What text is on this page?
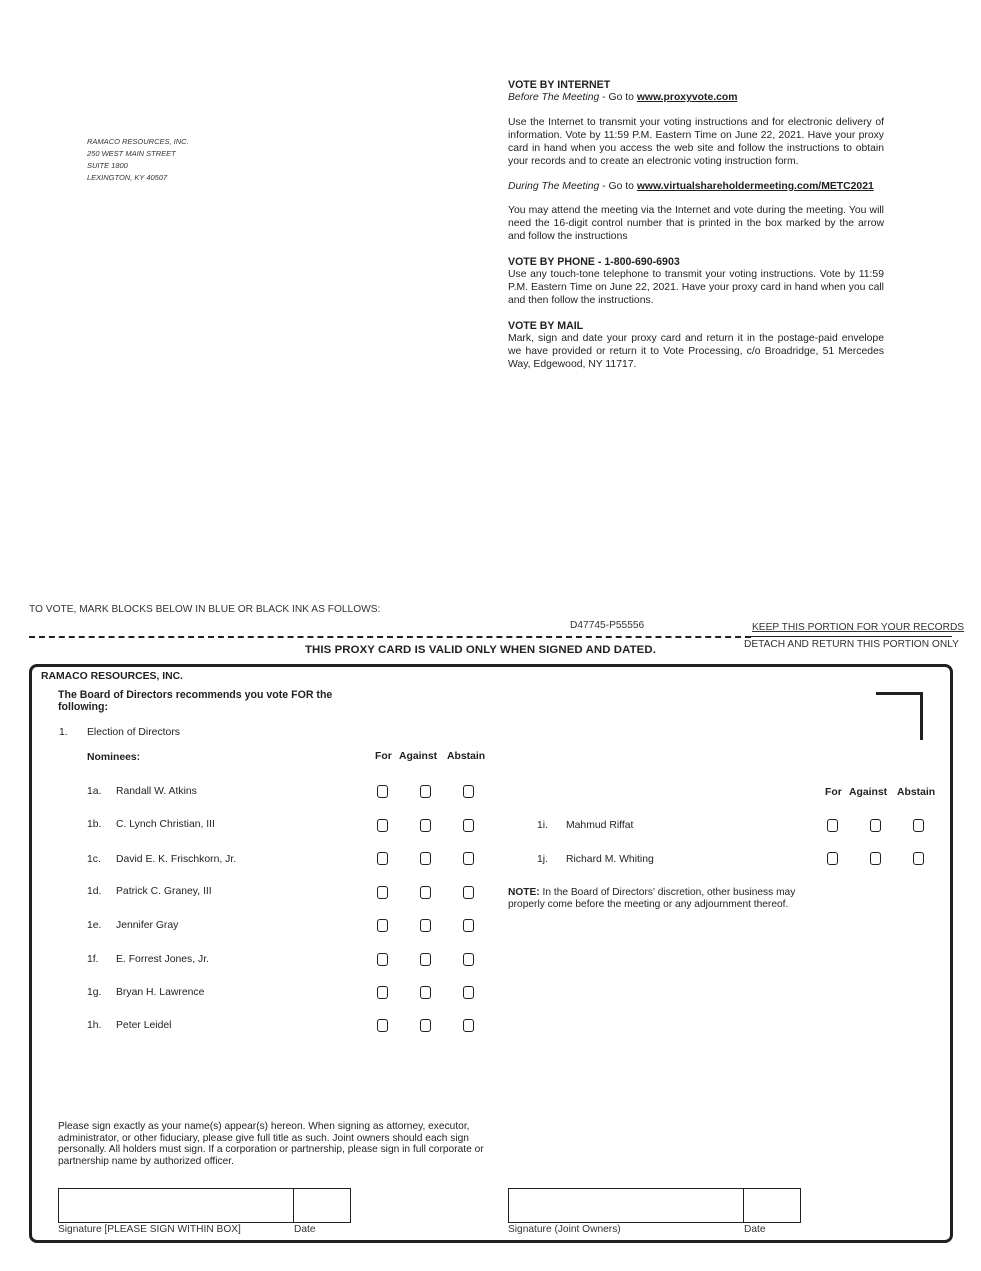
RAMACO RESOURCES, INC.
250 WEST MAIN STREET
SUITE 1800
LEXINGTON, KY 40507
VOTE BY INTERNET
Before The Meeting - Go to www.proxyvote.com

Use the Internet to transmit your voting instructions and for electronic delivery of information. Vote by 11:59 P.M. Eastern Time on June 22, 2021. Have your proxy card in hand when you access the web site and follow the instructions to obtain your records and to create an electronic voting instruction form.

During The Meeting - Go to www.virtualshareholdermeeting.com/METC2021

You may attend the meeting via the Internet and vote during the meeting. You will need the 16-digit control number that is printed in the box marked by the arrow and follow the instructions

VOTE BY PHONE - 1-800-690-6903

Use any touch-tone telephone to transmit your voting instructions. Vote by 11:59 P.M. Eastern Time on June 22, 2021. Have your proxy card in hand when you call and then follow the instructions.

VOTE BY MAIL

Mark, sign and date your proxy card and return it in the postage-paid envelope we have provided or return it to Vote Processing, c/o Broadridge, 51 Mercedes Way, Edgewood, NY 11717.

TO VOTE, MARK BLOCKS BELOW IN BLUE OR BLACK INK AS FOLLOWS:
D47745-P55556	KEEP THIS PORTION FOR YOUR RECORDS
DETACH AND RETURN THIS PORTION ONLY
THIS PROXY CARD IS VALID ONLY WHEN SIGNED AND DATED.
RAMACO RESOURCES, INC.
The Board of Directors recommends you vote FOR the following:
1. Election of Directors
Nominees:	For Against Abstain
For Against Abstain
1a. Randall W. Atkins
1b. C. Lynch Christian, III
1c. David E. K. Frischkorn, Jr.
1d. Patrick C. Graney, III
1e. Jennifer Gray
1f. E. Forrest Jones, Jr.
1g. Bryan H. Lawrence
1h. Peter Leidel
1i. Mahmud Riffat
1j. Richard M. Whiting
NOTE: In the Board of Directors' discretion, other business may properly come before the meeting or any adjournment thereof.
Please sign exactly as your name(s) appear(s) hereon. When signing as attorney, executor, administrator, or other fiduciary, please give full title as such. Joint owners should each sign personally. All holders must sign. If a corporation or partnership, please sign in full corporate or partnership name by authorized officer.
Signature [PLEASE SIGN WITHIN BOX]	Date	Signature (Joint Owners)	Date
